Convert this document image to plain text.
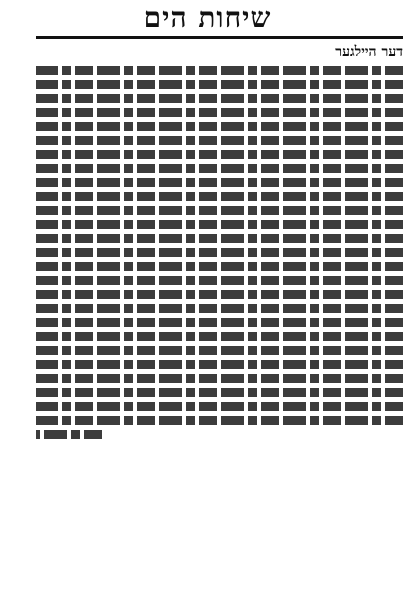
שיחות הים
דער היילגער
